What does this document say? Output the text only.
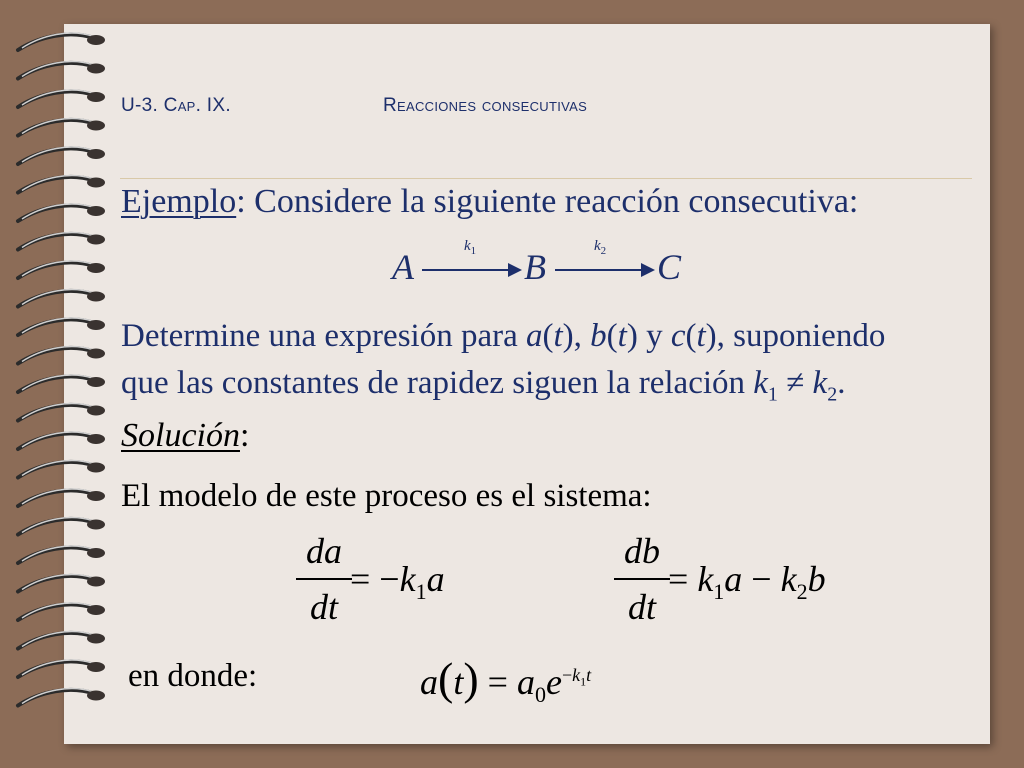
U-3. Cap. IX.	Reacciones consecutivas
Ejemplo: Considere la siguiente reacción consecutiva:
A
$k_1$ B
$k_2$ C
Determine una expresión para a(t), b(t) y c(t), suponiendo
que las constantes de rapidez siguen la relación $k_1 \ne k_2$.
Solución:
El modelo de este proceso es el sistema:
da
dt
= $-k_1a$
db
dt
= $k_1a - k_2b$
en donde:	$a(t) = a_0e^{-k_1t}$
